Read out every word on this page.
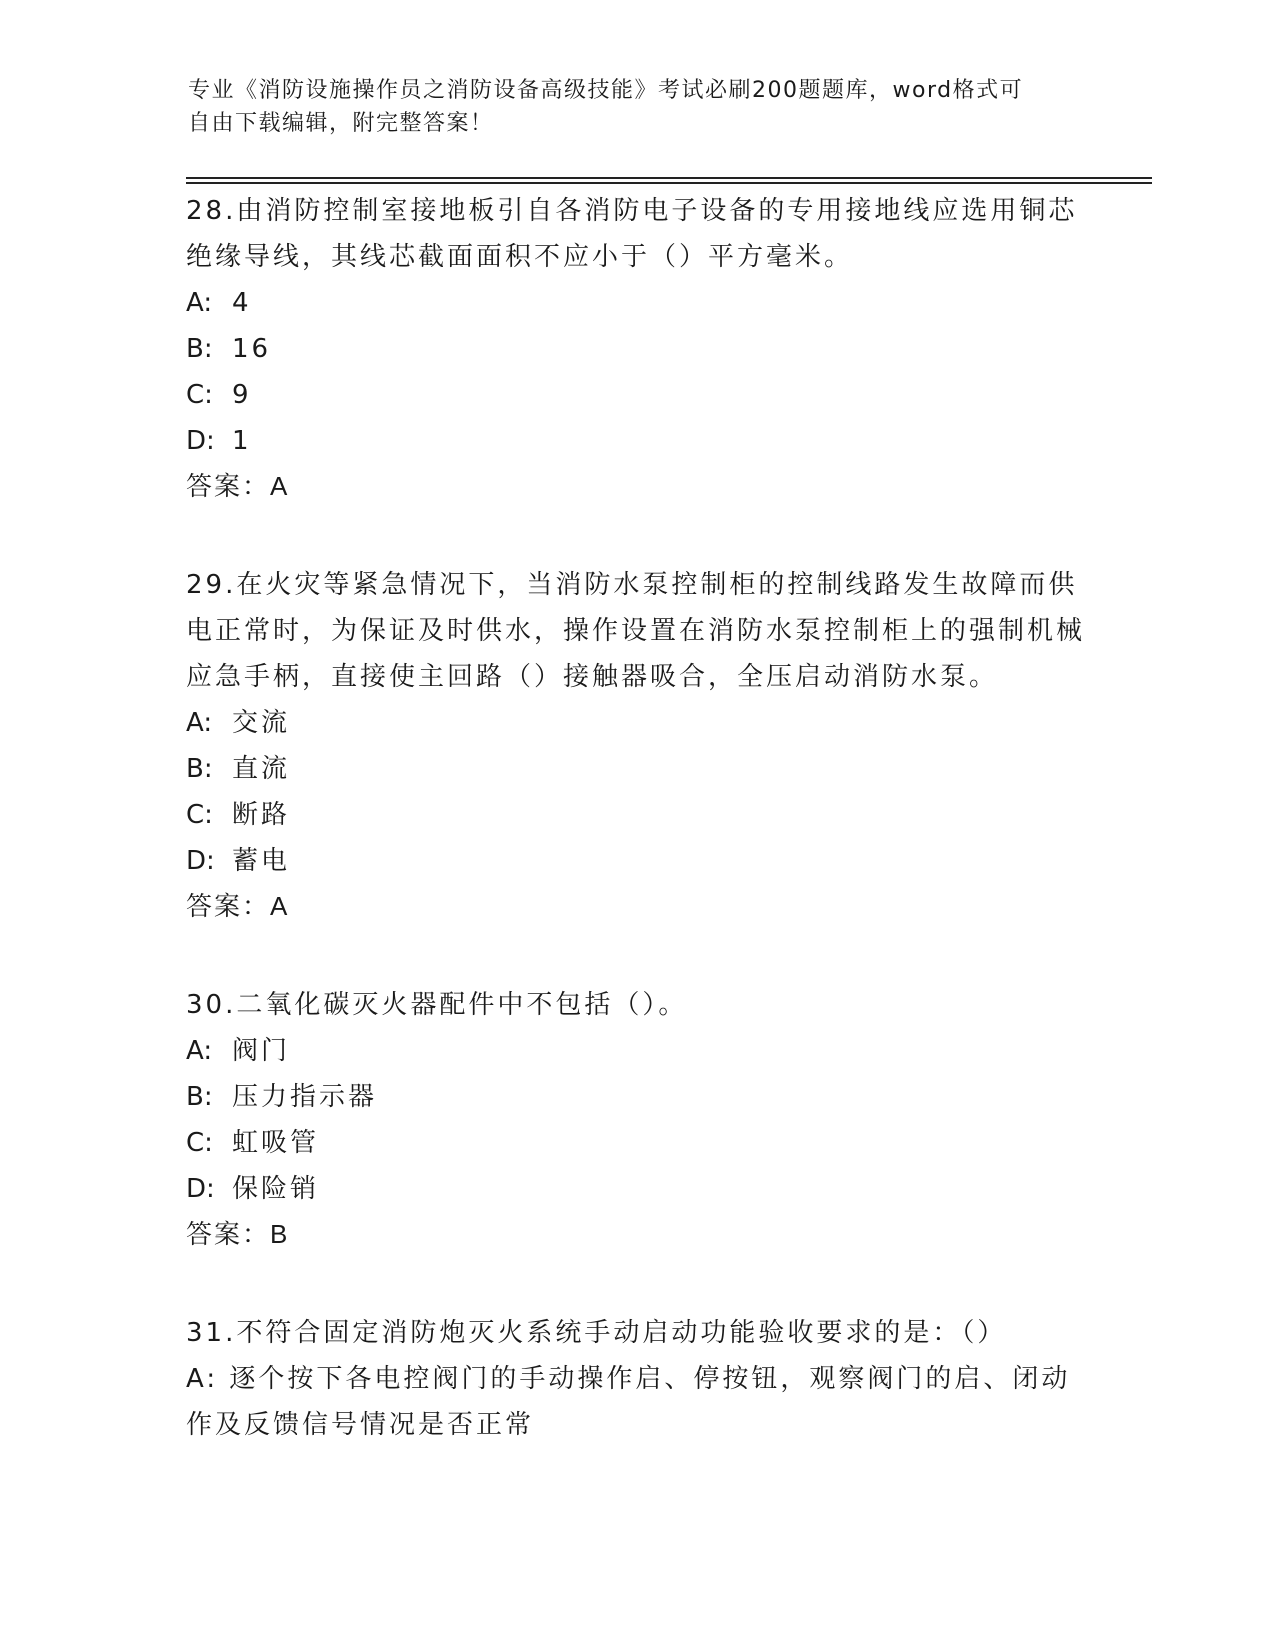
专业《消防设施操作员之消防设备高级技能》考试必刷200题题库，word格式可
自由下载编辑，附完整答案！
28.由消防控制室接地板引自各消防电子设备的专用接地线应选用铜芯绝缘导线，其线芯截面面积不应小于（）平方毫米。
A: 4
B: 16
C: 9
D: 1
答案：A
29.在火灾等紧急情况下，当消防水泵控制柜的控制线路发生故障而供电正常时，为保证及时供水，操作设置在消防水泵控制柜上的强制机械应急手柄，直接使主回路（）接触器吸合，全压启动消防水泵。
A: 交流
B: 直流
C: 断路
D: 蓄电
答案：A
30.二氧化碳灭火器配件中不包括（）。
A: 阀门
B: 压力指示器
C: 虹吸管
D: 保险销
答案：B
31.不符合固定消防炮灭火系统手动启动功能验收要求的是：（）
A: 逐个按下各电控阀门的手动操作启、停按钮，观察阀门的启、闭动作及反馈信号情况是否正常
